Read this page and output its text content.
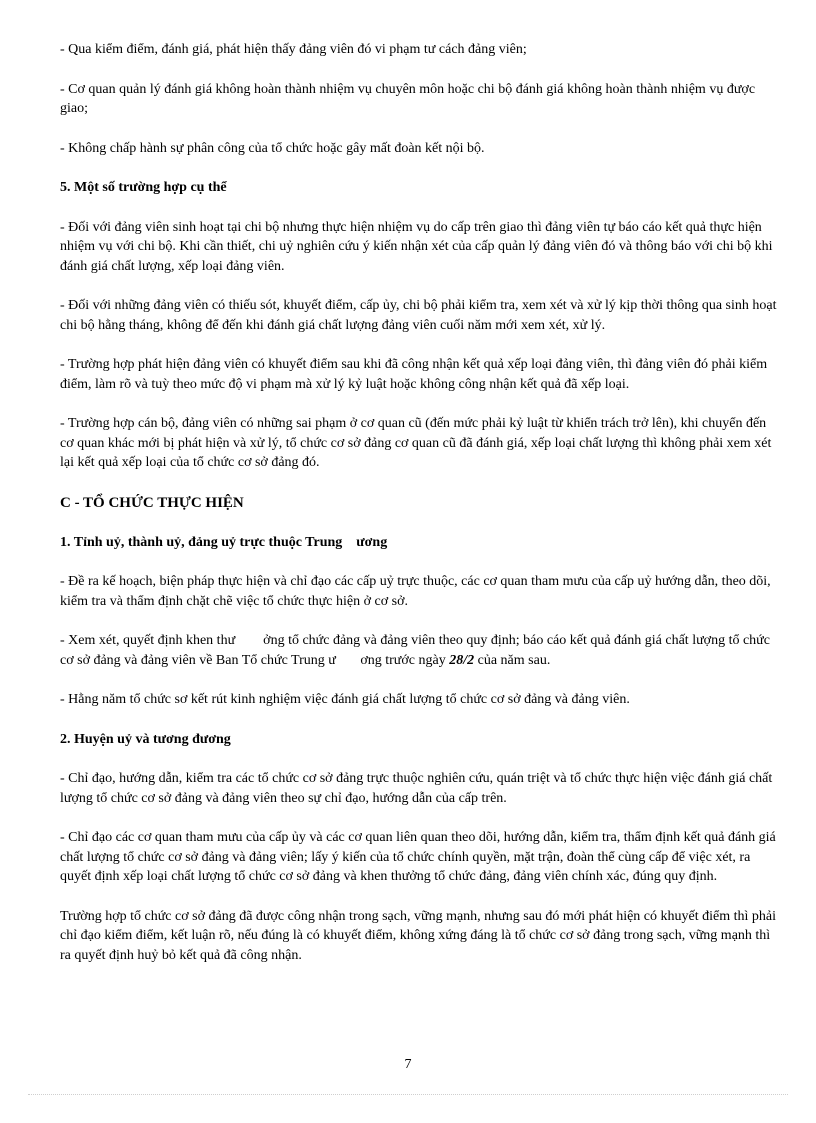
- Qua kiểm điểm, đánh giá, phát hiện thấy đảng viên đó vi phạm tư cách đảng viên;

- Cơ quan quản lý đánh giá không hoàn thành nhiệm vụ chuyên môn hoặc chi bộ đánh giá không hoàn thành nhiệm vụ được giao;

- Không chấp hành sự phân công của tổ chức hoặc gây mất đoàn kết nội bộ.

5. Một số trường hợp cụ thể

- Đối với đảng viên sinh hoạt tại chi bộ nhưng thực hiện nhiệm vụ do cấp trên giao thì đảng viên tự báo cáo kết quả thực hiện nhiệm vụ với chi bộ. Khi cần thiết, chi uỷ nghiên cứu ý kiến nhận xét của cấp quản lý đảng viên đó và thông báo với chi bộ khi đánh giá chất lượng, xếp loại đảng viên.

- Đối với những đảng viên có thiếu sót, khuyết điểm, cấp ủy, chi bộ phải kiểm tra, xem xét và xử lý kịp thời thông qua sinh hoạt chi bộ hằng tháng, không để đến khi đánh giá chất lượng đảng viên cuối năm mới xem xét, xử lý.

- Trường hợp phát hiện đảng viên có khuyết điểm sau khi đã công nhận kết quả xếp loại đảng viên, thì đảng viên đó phải kiểm điểm, làm rõ và tuỳ theo mức độ vi phạm mà xử lý kỷ luật hoặc không công nhận kết quả đã xếp loại.

- Trường hợp cán bộ, đảng viên có những sai phạm ở cơ quan cũ (đến mức phải kỷ luật từ khiển trách trở lên), khi chuyển đến cơ quan khác mới bị phát hiện và xử lý, tổ chức cơ sở đảng cơ quan cũ đã đánh giá, xếp loại chất lượng thì không phải xem xét lại kết quả xếp loại của tổ chức cơ sở đảng đó.

C - TỔ CHỨC THỰC HIỆN
1. Tỉnh uỷ, thành uỷ, đảng uỷ trực thuộc Trung    ương

- Đề ra kế hoạch, biện pháp thực hiện và chỉ đạo các cấp uỷ trực thuộc, các cơ quan tham mưu của cấp uỷ hướng dẫn, theo dõi, kiểm tra và thẩm định chặt chẽ việc tổ chức thực hiện ở cơ sở.

- Xem xét, quyết định khen thư        ởng tổ chức đảng và đảng viên theo quy định; báo cáo kết quả đánh giá chất lượng tổ chức cơ sở đảng và đảng viên về Ban Tổ chức Trung ư       ơng trước ngày 28/2 của năm sau.

- Hằng năm tổ chức sơ kết rút kinh nghiệm việc đánh giá chất lượng tổ chức cơ sở đảng và đảng viên.

2. Huyện uỷ và tương đương

- Chỉ đạo, hướng dẫn, kiểm tra các tổ chức cơ sở đảng trực thuộc nghiên cứu, quán triệt và tổ chức thực hiện việc đánh giá chất lượng tổ chức cơ sở đảng và đảng viên theo sự chỉ đạo, hướng dẫn của cấp trên.

- Chỉ đạo các cơ quan tham mưu của cấp ủy và các cơ quan liên quan theo dõi, hướng dẫn, kiểm tra, thẩm định kết quả đánh giá chất lượng tổ chức cơ sở đảng và đảng viên; lấy ý kiến của tổ chức chính quyền, mặt trận, đoàn thể cùng cấp để việc xét, ra quyết định xếp loại chất lượng tổ chức cơ sở đảng và khen thưởng tổ chức đảng, đảng viên chính xác, đúng quy định.

Trường hợp tổ chức cơ sở đảng đã được công nhận trong sạch, vững mạnh, nhưng sau đó mới phát hiện có khuyết điểm thì phải chỉ đạo kiểm điểm, kết luận rõ, nếu đúng là có khuyết điểm, không xứng đáng là tổ chức cơ sở đảng trong sạch, vững mạnh thì ra quyết định huỷ bỏ kết quả đã công nhận.

7
